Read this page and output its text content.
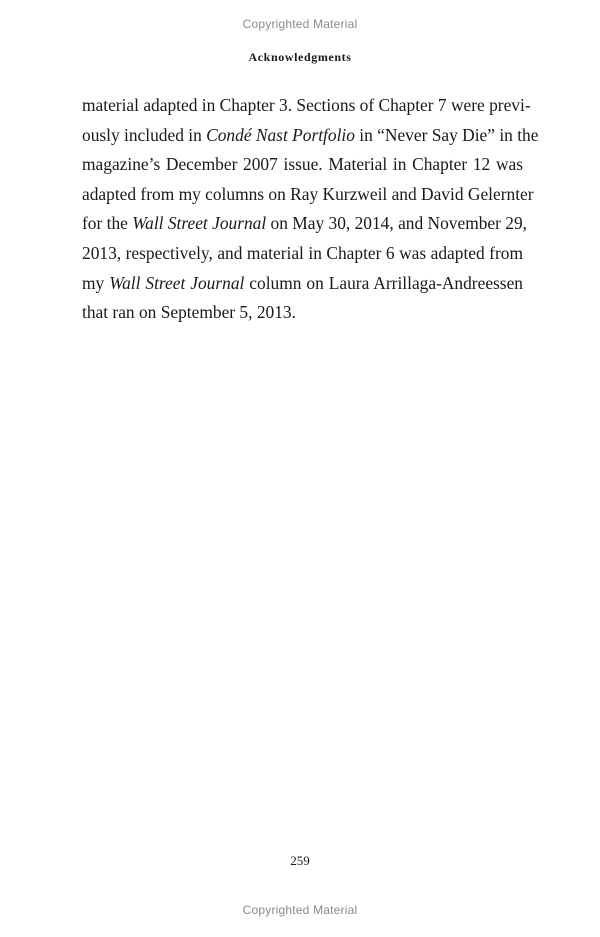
Copyrighted Material
Acknowledgments
material adapted in Chapter 3. Sections of Chapter 7 were previ-
ously included in Condé Nast Portfolio in “Never Say Die” in the
magazine’s December 2007 issue. Material in Chapter 12 was
adapted from my columns on Ray Kurzweil and David Gelernter
for the Wall Street Journal on May 30, 2014, and November 29,
2013, respectively, and material in Chapter 6 was adapted from
my Wall Street Journal column on Laura Arrillaga-Andreessen
that ran on September 5, 2013.
259
Copyrighted Material
